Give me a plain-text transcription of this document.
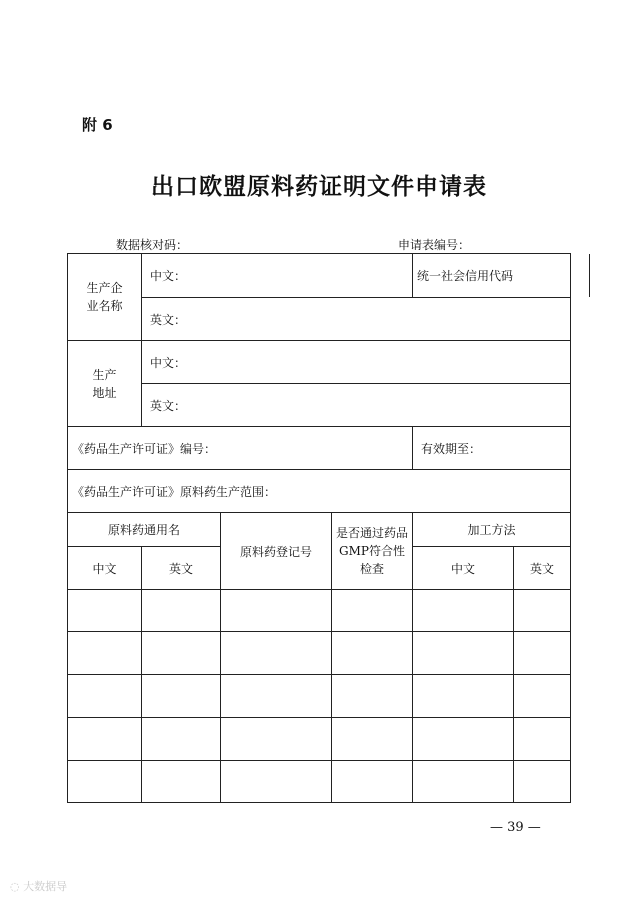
附 6
出口欧盟原料药证明文件申请表
数据核对码：	申请表编号：
生产企业名称	中文：			统一社会信用代码	

	英文：				
生产地址	中文：				
	英文：				
《药品生产许可证》编号：				有效期至：	
《药品生产许可证》原料药生产范围：					
原料药通用名		原料药登记号	是否通过药品GMP符合性检查	加工方法	
中文	英文			中文	英文

— 39 —
◌ 大数据导
